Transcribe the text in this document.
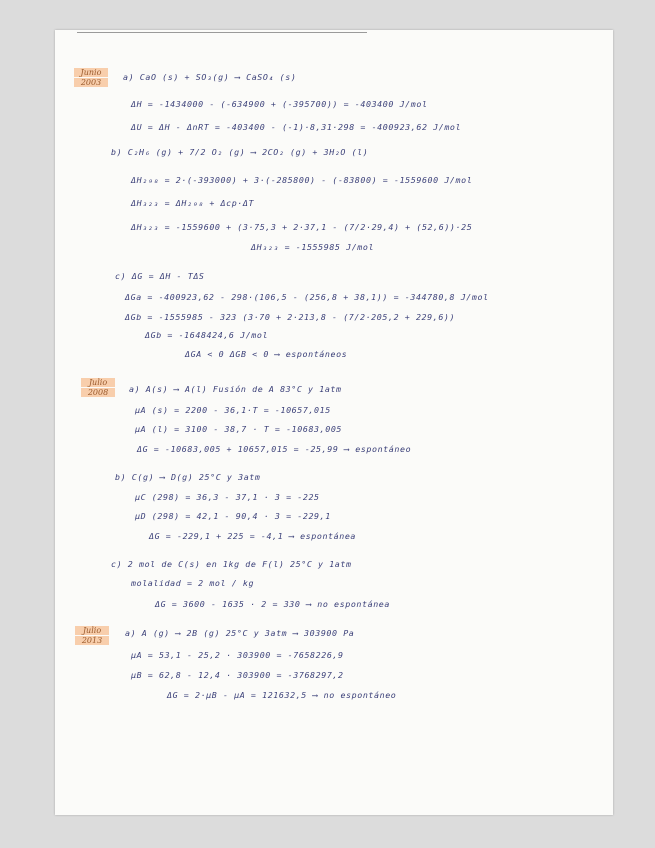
Junio
2003
a) CaO (s) + SO₃(g) ⟶ CaSO₄ (s)
ΔH = -1434000 - (-634900 + (-395700)) = -403400 J/mol
ΔU = ΔH - ΔnRT = -403400 - (-1)·8,31·298 = -400923,62 J/mol
b) C₂H₆ (g) + 7/2 O₂ (g) ⟶ 2CO₂ (g) + 3H₂O (l)
ΔH₂₉₈ = 2·(-393000) + 3·(-285800) - (-83800) = -1559600 J/mol
ΔH₃₂₃ = ΔH₂₉₈ + Δcp·ΔT
ΔH₃₂₃ = -1559600 + (3·75,3 + 2·37,1 - (7/2·29,4) + (52,6))·25
ΔH₃₂₃ = -1555985 J/mol
c) ΔG = ΔH - TΔS
ΔGa = -400923,62 - 298·(106,5 - (256,8 + 38,1)) = -344780,8 J/mol
ΔGb = -1555985 - 323 (3·70 + 2·213,8 - (7/2·205,2 + 229,6))
ΔGb = -1648424,6 J/mol
ΔGA < 0 ΔGB < 0 ⟶ espontáneos
Julio
2008	a) A(s) ⟶ A(l) Fusión de A 83°C y 1atm
μA (s) = 2200 - 36,1·T = -10657,015
μA (l) = 3100 - 38,7 · T = -10683,005
ΔG = -10683,005 + 10657,015 = -25,99 ⟶ espontáneo
b) C(g) ⟶ D(g) 25°C y 3atm
μC (298) = 36,3 - 37,1 · 3 = -225
μD (298) = 42,1 - 90,4 · 3 = -229,1
ΔG = -229,1 + 225 = -4,1 ⟶ espontánea
c) 2 mol de C(s) en 1kg de F(l) 25°C y 1atm
molalidad = 2 mol / kg
ΔG = 3600 - 1635 · 2 = 330 ⟶ no espontánea
Julio
2013
a) A (g) ⟶ 2B (g) 25°C y 3atm ⟶ 303900 Pa
μA = 53,1 - 25,2 · 303900 = -7658226,9
μB = 62,8 - 12,4 · 303900 = -3768297,2
ΔG = 2·μB - μA = 121632,5 ⟶ no espontáneo
